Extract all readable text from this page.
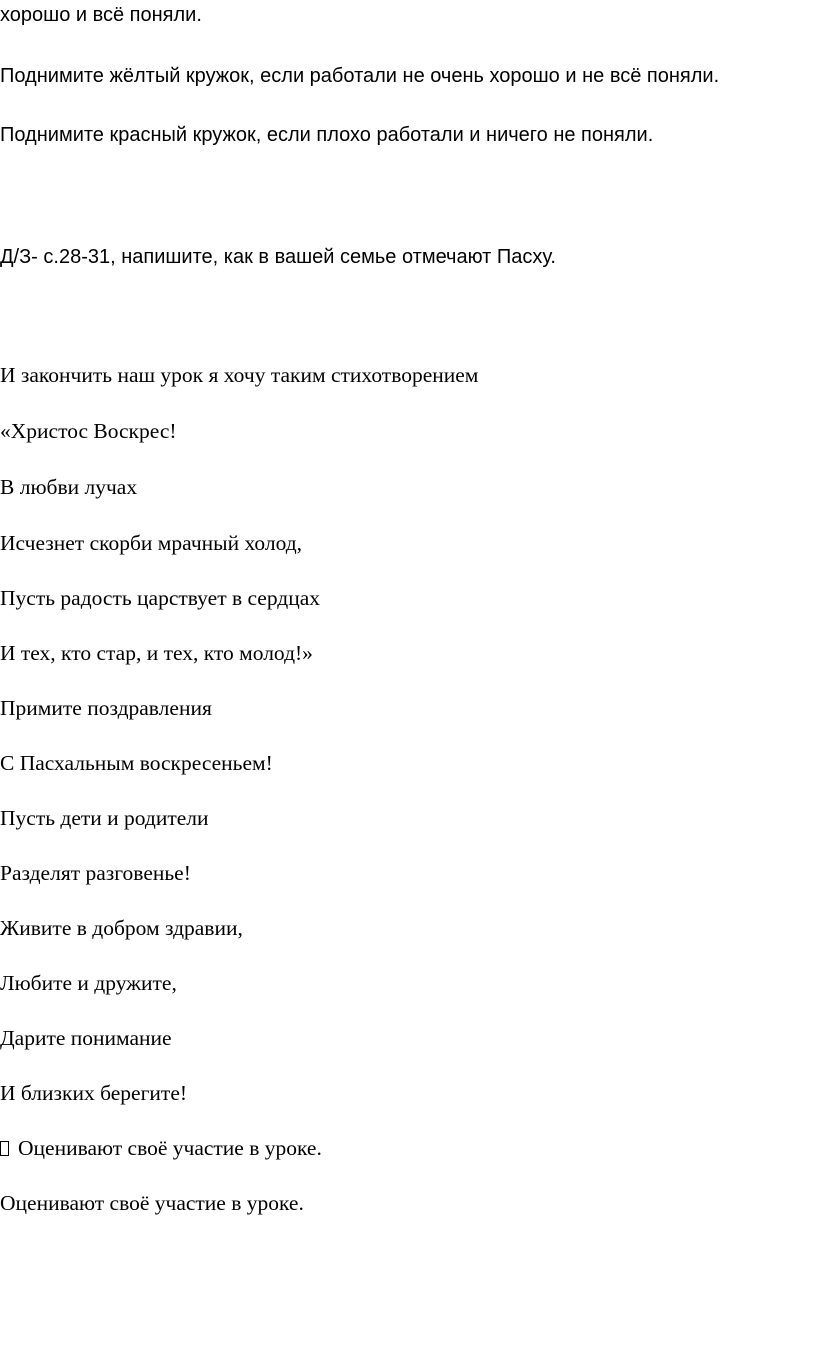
хорошо и всё поняли.
Поднимите жёлтый кружок, если работали не очень хорошо и не всё поняли.
Поднимите красный кружок, если плохо работали и ничего не поняли.
Д/З- с.28-31, напишите, как в вашей семье отмечают Пасху.
И закончить наш урок я хочу таким стихотворением
«Христос Воскрес!
В любви лучах
Исчезнет скорби мрачный холод,
Пусть радость царствует в сердцах
И тех, кто стар, и тех, кто молод!»
Примите поздравления
С Пасхальным воскресеньем!
Пусть дети и родители
Разделят разговенье!
Живите в добром здравии,
Любите и дружите,
Дарите понимание
И близких берегите!
Оценивают своё участие в уроке.
Оценивают своё участие в уроке.
